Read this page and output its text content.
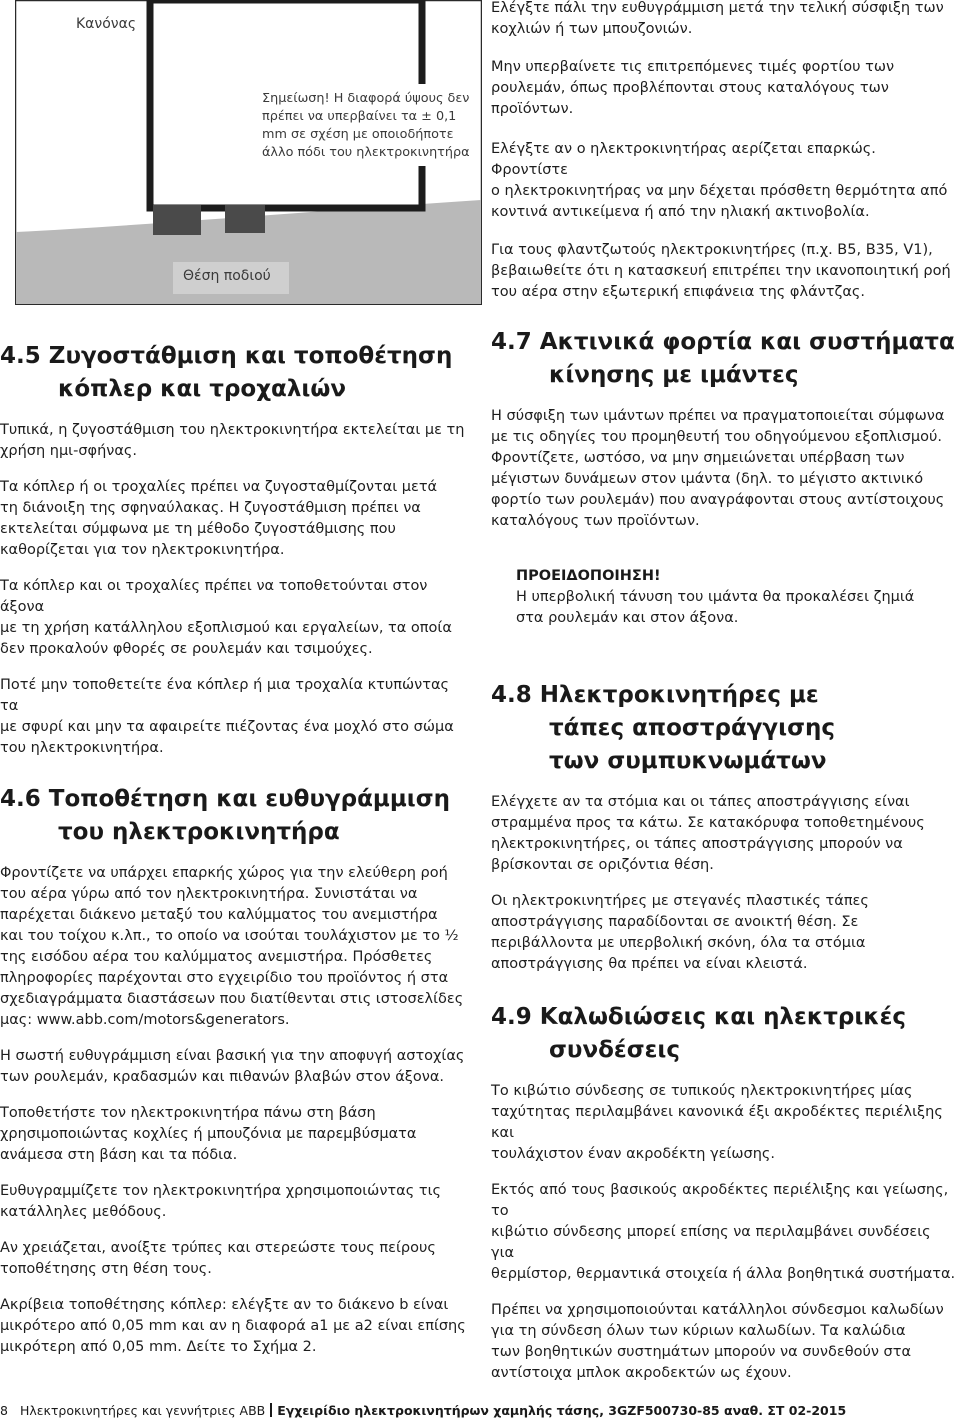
Κανόνας
Σημείωση! Η διαφορά ύψους δεν
πρέπει να υπερβαίνει τα ± 0,1
mm σε σχέση με οποιοδήποτε
άλλο πόδι του ηλεκτροκινητήρα
Θέση ποδιού

Ελέγξτε πάλι την ευθυγράμμιση μετά την τελική σύσφιξη των
κοχλιών ή των μπουζονιών.

Μην υπερβαίνετε τις επιτρεπόμενες τιμές φορτίου των
ρουλεμάν, όπως προβλέπονται στους καταλόγους των
προϊόντων.

Ελέγξτε αν ο ηλεκτροκινητήρας αερίζεται επαρκώς. Φροντίστε
ο ηλεκτροκινητήρας να μην δέχεται πρόσθετη θερμότητα από
κοντινά αντικείμενα ή από την ηλιακή ακτινοβολία.

Για τους φλαντζωτούς ηλεκτροκινητήρες (π.χ. B5, B35, V1),
βεβαιωθείτε ότι η κατασκευή επιτρέπει την ικανοποιητική ροή
του αέρα στην εξωτερική επιφάνεια της φλάντζας.

4.5 Ζυγοστάθμιση και τοποθέτηση
κόπλερ και τροχαλιών

Τυπικά, η ζυγοστάθμιση του ηλεκτροκινητήρα εκτελείται με τη
χρήση ημι-σφήνας.

Τα κόπλερ ή οι τροχαλίες πρέπει να ζυγοσταθμίζονται μετά
τη διάνοιξη της σφηναύλακας. Η ζυγοστάθμιση πρέπει να
εκτελείται σύμφωνα με τη μέθοδο ζυγοστάθμισης που
καθορίζεται για τον ηλεκτροκινητήρα.

Τα κόπλερ και οι τροχαλίες πρέπει να τοποθετούνται στον άξονα
με τη χρήση κατάλληλου εξοπλισμού και εργαλείων, τα οποία
δεν προκαλούν φθορές σε ρουλεμάν και τσιμούχες.

Ποτέ μην τοποθετείτε ένα κόπλερ ή μια τροχαλία κτυπώντας τα
με σφυρί και μην τα αφαιρείτε πιέζοντας ένα μοχλό στο σώμα
του ηλεκτροκινητήρα.

4.6 Τοποθέτηση και ευθυγράμμιση
του ηλεκτροκινητήρα

Φροντίζετε να υπάρχει επαρκής χώρος για την ελεύθερη ροή
του αέρα γύρω από τον ηλεκτροκινητήρα. Συνιστάται να
παρέχεται διάκενο μεταξύ του καλύμματος του ανεμιστήρα
και του τοίχου κ.λπ., το οποίο να ισούται τουλάχιστον με το ½
της εισόδου αέρα του καλύμματος ανεμιστήρα. Πρόσθετες
πληροφορίες παρέχονται στο εγχειρίδιο του προϊόντος ή στα
σχεδιαγράμματα διαστάσεων που διατίθενται στις ιστοσελίδες
μας: www.abb.com/motors&generators.

Η σωστή ευθυγράμμιση είναι βασική για την αποφυγή αστοχίας
των ρουλεμάν, κραδασμών και πιθανών βλαβών στον άξονα.

Τοποθετήστε τον ηλεκτροκινητήρα πάνω στη βάση
χρησιμοποιώντας κοχλίες ή μπουζόνια με παρεμβύσματα
ανάμεσα στη βάση και τα πόδια.

Ευθυγραμμίζετε τον ηλεκτροκινητήρα χρησιμοποιώντας τις
κατάλληλες μεθόδους.

Αν χρειάζεται, ανοίξτε τρύπες και στερεώστε τους πείρους
τοποθέτησης στη θέση τους.

Ακρίβεια τοποθέτησης κόπλερ: ελέγξτε αν το διάκενο b είναι
μικρότερο από 0,05 mm και αν η διαφορά a1 με a2 είναι επίσης
μικρότερη από 0,05 mm. Δείτε το Σχήμα 2.

4.7 Ακτινικά φορτία και συστήματα
κίνησης με ιμάντες

Η σύσφιξη των ιμάντων πρέπει να πραγματοποιείται σύμφωνα
με τις οδηγίες του προμηθευτή του οδηγούμενου εξοπλισμού.
Φροντίζετε, ωστόσο, να μην σημειώνεται υπέρβαση των
μέγιστων δυνάμεων στον ιμάντα (δηλ. το μέγιστο ακτινικό
φορτίο των ρουλεμάν) που αναγράφονται στους αντίστοιχους
καταλόγους των προϊόντων.

ΠΡΟΕΙΔΟΠΟΙΗΣΗ!
Η υπερβολική τάνυση του ιμάντα θα προκαλέσει ζημιά
στα ρουλεμάν και στον άξονα.
4.8 Ηλεκτροκινητήρες με
τάπες αποστράγγισης
των συμπυκνωμάτων

Ελέγχετε αν τα στόμια και οι τάπες αποστράγγισης είναι
στραμμένα προς τα κάτω. Σε κατακόρυφα τοποθετημένους
ηλεκτροκινητήρες, οι τάπες αποστράγγισης μπορούν να
βρίσκονται σε οριζόντια θέση.

Οι ηλεκτροκινητήρες με στεγανές πλαστικές τάπες
αποστράγγισης παραδίδονται σε ανοικτή θέση. Σε
περιβάλλοντα με υπερβολική σκόνη, όλα τα στόμια
αποστράγγισης θα πρέπει να είναι κλειστά.

4.9 Καλωδιώσεις και ηλεκτρικές
συνδέσεις

Το κιβώτιο σύνδεσης σε τυπικούς ηλεκτροκινητήρες μίας
ταχύτητας περιλαμβάνει κανονικά έξι ακροδέκτες περιέλιξης και
τουλάχιστον έναν ακροδέκτη γείωσης.

Εκτός από τους βασικούς ακροδέκτες περιέλιξης και γείωσης, το
κιβώτιο σύνδεσης μπορεί επίσης να περιλαμβάνει συνδέσεις για
θερμίστορ, θερμαντικά στοιχεία ή άλλα βοηθητικά συστήματα.

Πρέπει να χρησιμοποιούνται κατάλληλοι σύνδεσμοι καλωδίων
για τη σύνδεση όλων των κύριων καλωδίων. Τα καλώδια
των βοηθητικών συστημάτων μπορούν να συνδεθούν στα
αντίστοιχα μπλοκ ακροδεκτών ως έχουν.

8 Ηλεκτροκινητήρες και γεννήτριες ABB Εγχειρίδιο ηλεκτροκινητήρων χαμηλής τάσης, 3GZF500730-85 αναθ. ΣΤ 02-2015
